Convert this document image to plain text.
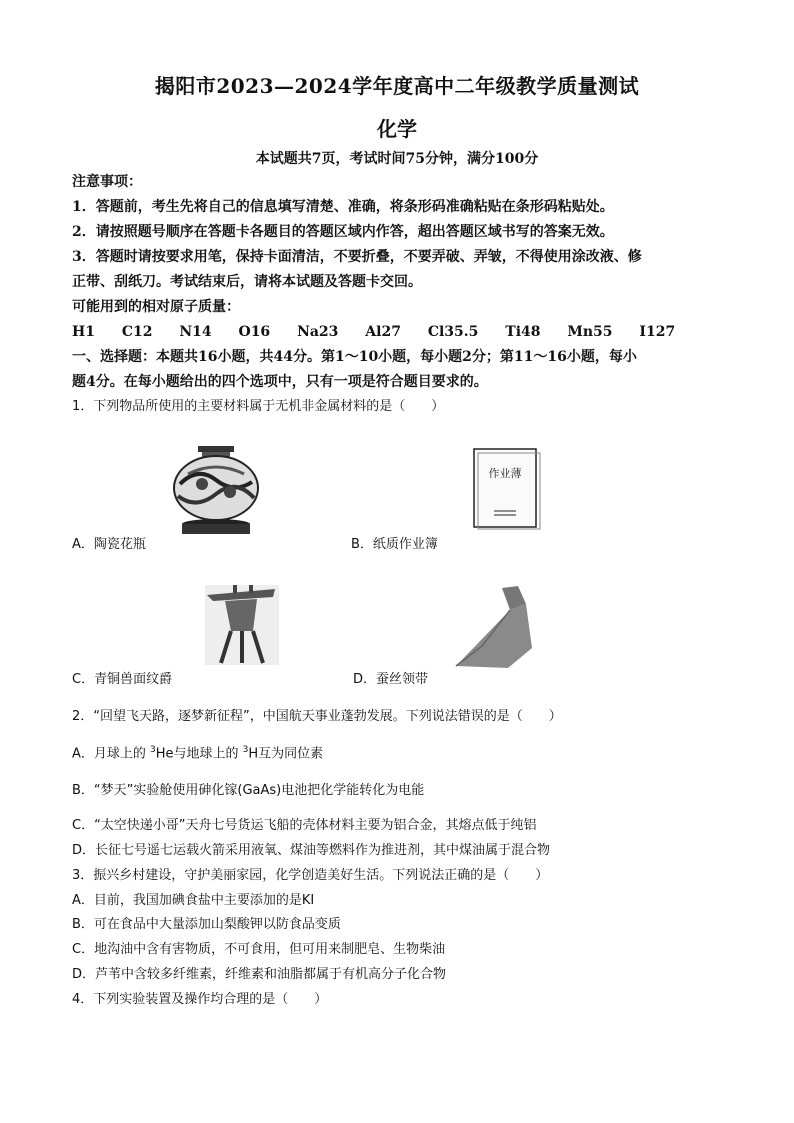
揭阳市2023—2024学年度高中二年级教学质量测试
化学
本试题共7页，考试时间75分钟，满分100分
注意事项：
1．答题前，考生先将自己的信息填写清楚、准确，将条形码准确粘贴在条形码粘贴处。
2．请按照题号顺序在答题卡各题目的答题区域内作答，超出答题区域书写的答案无效。
3．答题时请按要求用笔，保持卡面清洁，不要折叠，不要弄破、弄皱，不得使用涂改液、修
正带、刮纸刀。考试结束后，请将本试题及答题卡交回。
可能用到的相对原子质量：
H1 C12 N14 O16 Na23 Al27 Cl35.5 Ti48 Mn55 I127
一、选择题：本题共16小题，共44分。第1～10小题，每小题2分；第11～16小题，每小
题4分。在每小题给出的四个选项中，只有一项是符合题目要求的。
1．下列物品所使用的主要材料属于无机非金属材料的是（　　）
A．陶瓷花瓶
作业薄
B．纸质作业簿
C．青铜兽面纹爵	D．蚕丝领带
2．“回望飞天路，逐梦新征程”，中国航天事业蓬勃发展。下列说法错误的是（　　）
A．月球上的 $^3$He与地球上的 $^3$H互为同位素
B．“梦天”实验舱使用砷化镓(GaAs)电池把化学能转化为电能
C．“太空快递小哥”天舟七号货运飞船的壳体材料主要为铝合金，其熔点低于纯铝
D．长征七号遥七运载火箭采用液氧、煤油等燃料作为推进剂，其中煤油属于混合物
3．振兴乡村建设，守护美丽家园，化学创造美好生活。下列说法正确的是（　　）
A．目前，我国加碘食盐中主要添加的是KI
B．可在食品中大量添加山梨酸钾以防食品变质
C．地沟油中含有害物质，不可食用，但可用来制肥皂、生物柴油
D．芦苇中含较多纤维素，纤维素和油脂都属于有机高分子化合物
4．下列实验装置及操作均合理的是（　　）
